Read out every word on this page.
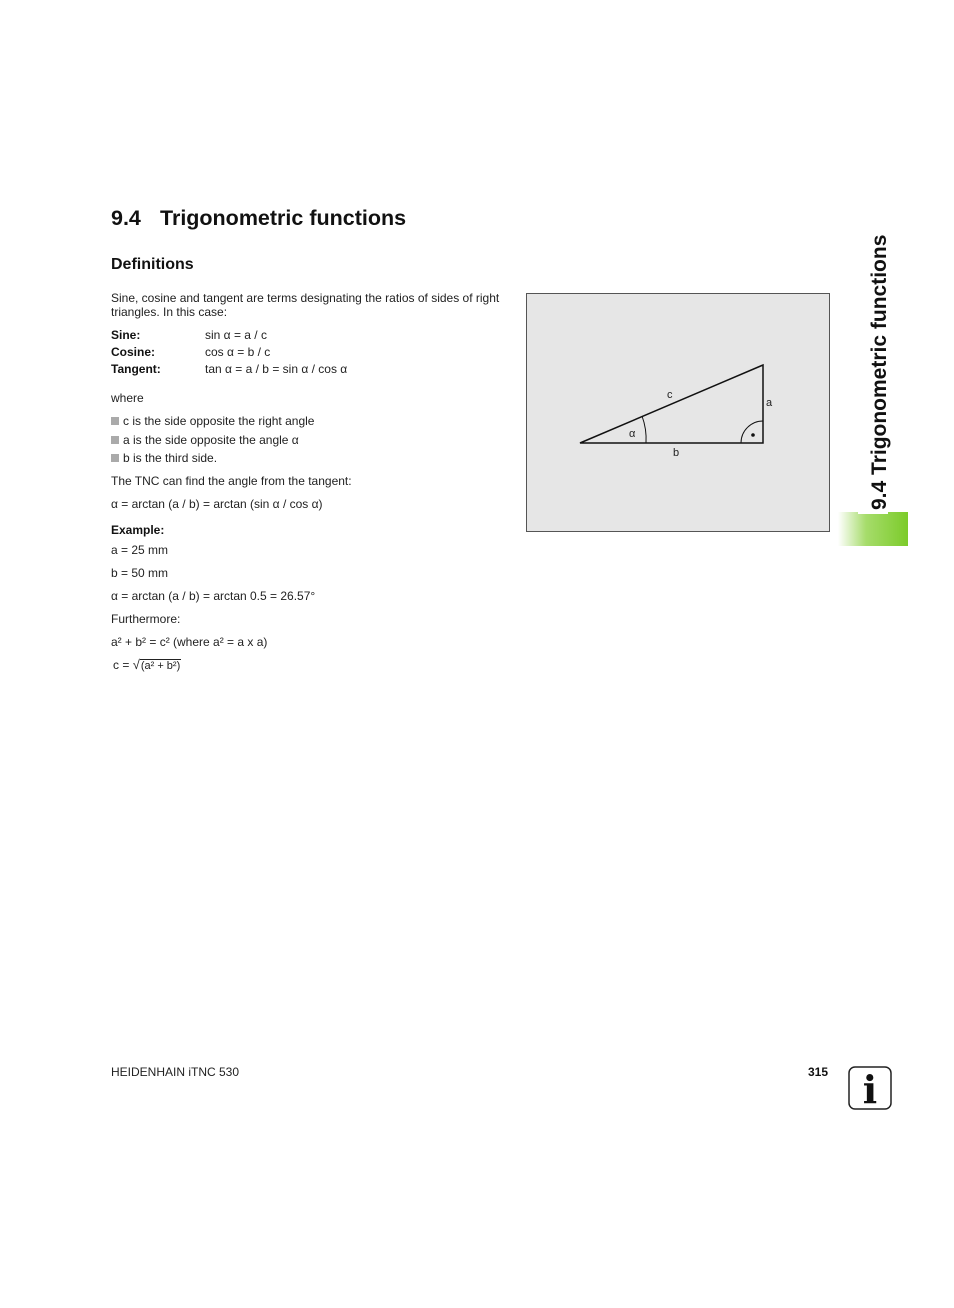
9.4 Trigonometric functions
Definitions
Sine, cosine and tangent are terms designating the ratios of sides of right triangles. In this case:
Sine:	sin α = a / c
Cosine:	cos α = b / c
Tangent:	tan α = a / b = sin α / cos α
where
c is the side opposite the right angle
a is the side opposite the angle α
b is the third side.
The TNC can find the angle from the tangent:
α = arctan (a / b) = arctan (sin α / cos α)
Example:
a = 25 mm
b = 50 mm
α = arctan (a / b) = arctan 0.5 = 26.57°
Furthermore:
a² + b² = c² (where a² = a x a)
c = √(a² + b²)
c
a
b
α	9.4 Trigonometric functions
HEIDENHAIN iTNC 530	315 i
